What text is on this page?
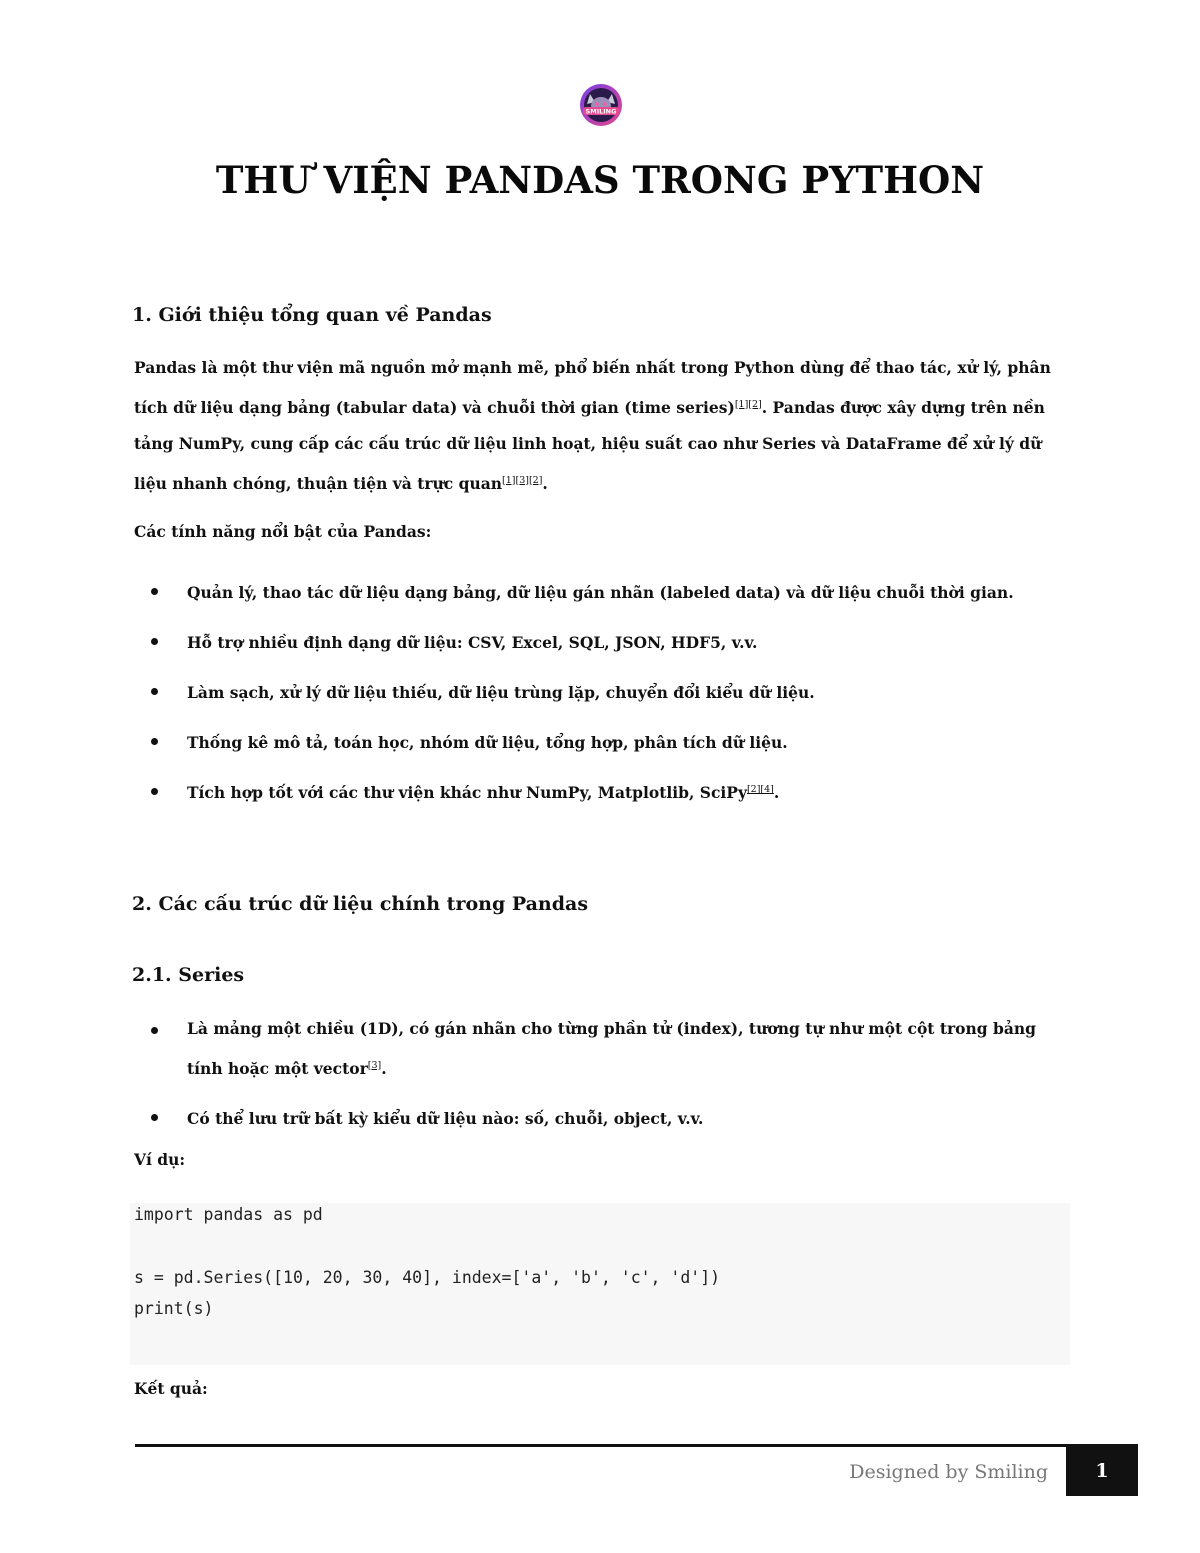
SMILING
THƯ VIỆN PANDAS TRONG PYTHON
1. Giới thiệu tổng quan về Pandas

Pandas là một thư viện mã nguồn mở mạnh mẽ, phổ biến nhất trong Python dùng để thao tác, xử lý, phân tích dữ liệu dạng bảng (tabular data) và chuỗi thời gian (time series)[1][2]. Pandas được xây dựng trên nền tảng NumPy, cung cấp các cấu trúc dữ liệu linh hoạt, hiệu suất cao như Series và DataFrame để xử lý dữ liệu nhanh chóng, thuận tiện và trực quan[1][3][2].

Các tính năng nổi bật của Pandas:

Quản lý, thao tác dữ liệu dạng bảng, dữ liệu gán nhãn (labeled data) và dữ liệu chuỗi thời gian.
Hỗ trợ nhiều định dạng dữ liệu: CSV, Excel, SQL, JSON, HDF5, v.v.
Làm sạch, xử lý dữ liệu thiếu, dữ liệu trùng lặp, chuyển đổi kiểu dữ liệu.
Thống kê mô tả, toán học, nhóm dữ liệu, tổng hợp, phân tích dữ liệu.
Tích hợp tốt với các thư viện khác như NumPy, Matplotlib, SciPy[2][4].
2. Các cấu trúc dữ liệu chính trong Pandas
2.1. Series
Là mảng một chiều (1D), có gán nhãn cho từng phần tử (index), tương tự như một cột trong bảng tính hoặc một vector[3].
Có thể lưu trữ bất kỳ kiểu dữ liệu nào: số, chuỗi, object, v.v.

Ví dụ:

import pandas as pd

s = pd.Series([10, 20, 30, 40], index=['a', 'b', 'c', 'd'])

print(s)

Kết quả:

Designed by Smiling	1
